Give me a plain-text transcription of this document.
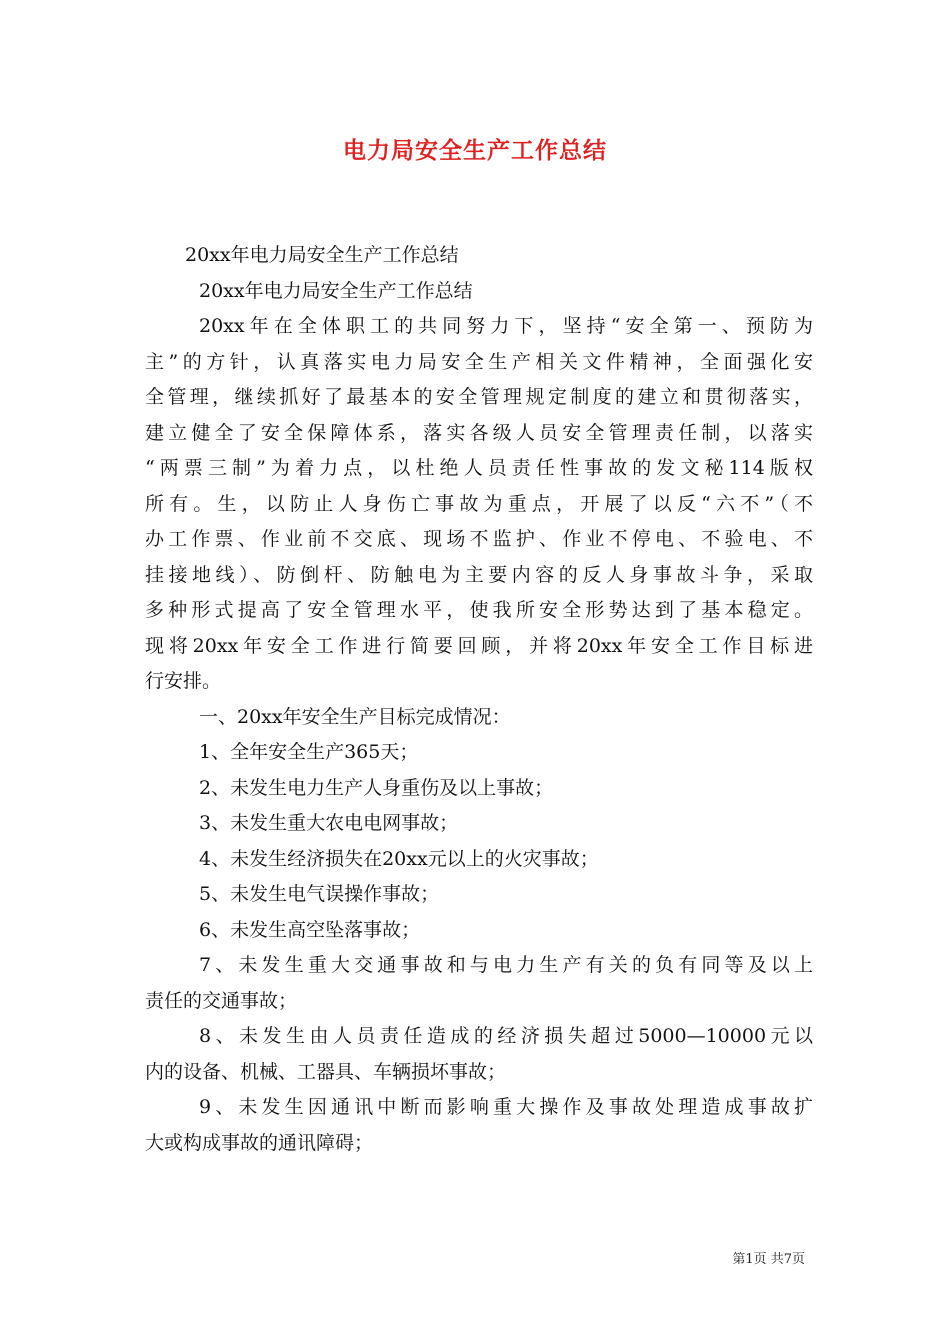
电力局安全生产工作总结
20xx年电力局安全生产工作总结
20xx年电力局安全生产工作总结
20xx年在全体职工的共同努力下，坚持“安全第一、预防为
主”的方针，认真落实电力局安全生产相关文件精神，全面强化安
全管理，继续抓好了最基本的安全管理规定制度的建立和贯彻落实，
建立健全了安全保障体系，落实各级人员安全管理责任制，以落实
“两票三制”为着力点，以杜绝人员责任性事故的发文秘114版权
所有。生，以防止人身伤亡事故为重点，开展了以反“六不”（不
办工作票、作业前不交底、现场不监护、作业不停电、不验电、不
挂接地线）、防倒杆、防触电为主要内容的反人身事故斗争，采取
多种形式提高了安全管理水平，使我所安全形势达到了基本稳定。
现将20xx年安全工作进行简要回顾，并将20xx年安全工作目标进
行安排。
一、20xx年安全生产目标完成情况：
1、全年安全生产365天；
2、未发生电力生产人身重伤及以上事故；
3、未发生重大农电电网事故；
4、未发生经济损失在20xx元以上的火灾事故；
5、未发生电气误操作事故；
6、未发生高空坠落事故；
7、未发生重大交通事故和与电力生产有关的负有同等及以上
责任的交通事故；
8、未发生由人员责任造成的经济损失超过5000—10000元以
内的设备、机械、工器具、车辆损坏事故；
9、未发生因通讯中断而影响重大操作及事故处理造成事故扩
大或构成事故的通讯障碍；
第1页 共7页
